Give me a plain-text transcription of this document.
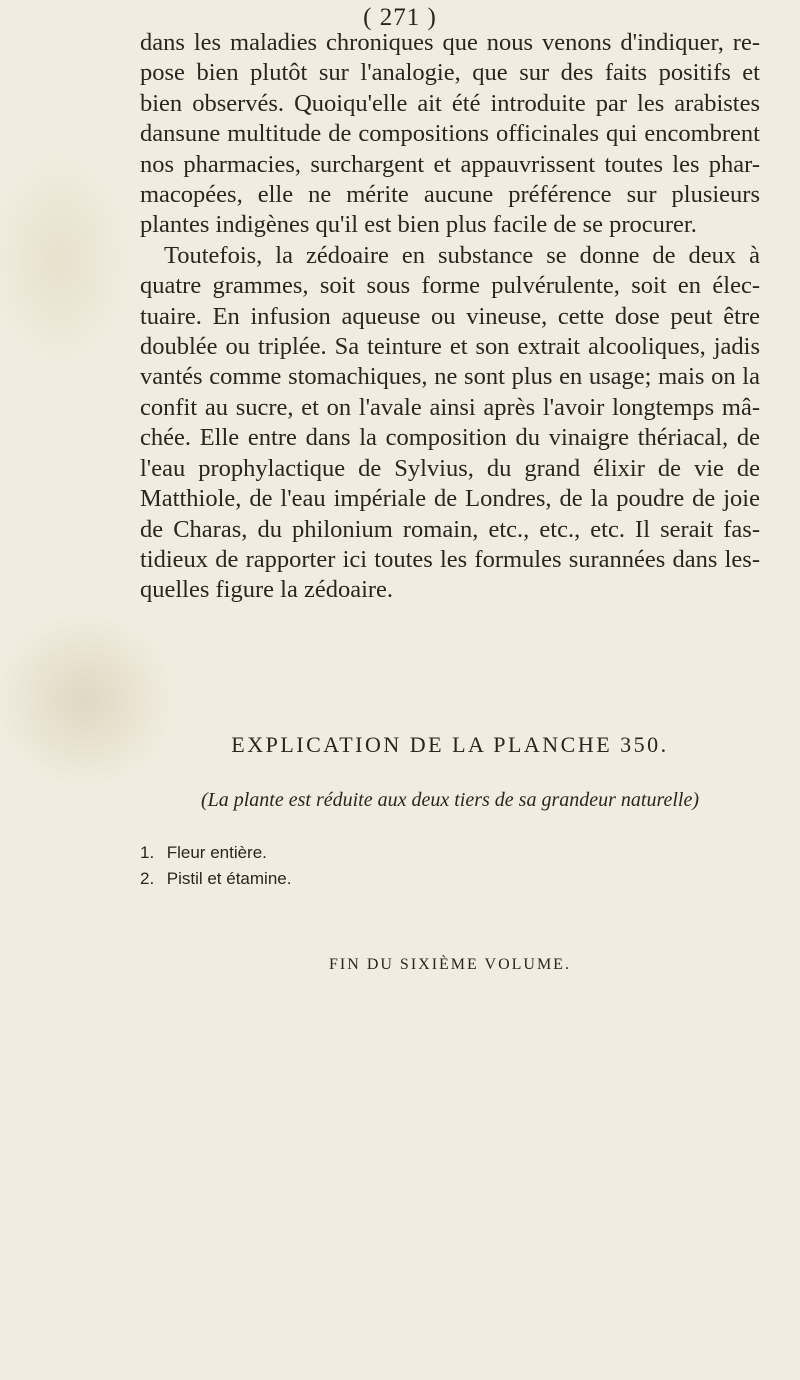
( 271 )
dans les maladies chroniques que nous venons d'indiquer, re-
pose bien plutôt sur l'analogie, que sur des faits positifs et
bien observés. Quoiqu'elle ait été introduite par les arabistes
dansune multitude de compositions officinales qui encombrent
nos pharmacies, surchargent et appauvrissent toutes les phar-
macopées, elle ne mérite aucune préférence sur plusieurs
plantes indigènes qu'il est bien plus facile de se procurer.
Toutefois, la zédoaire en substance se donne de deux à
quatre grammes, soit sous forme pulvérulente, soit en élec-
tuaire. En infusion aqueuse ou vineuse, cette dose peut être
doublée ou triplée. Sa teinture et son extrait alcooliques, jadis
vantés comme stomachiques, ne sont plus en usage; mais on la
confit au sucre, et on l'avale ainsi après l'avoir longtemps mâ-
chée. Elle entre dans la composition du vinaigre thériacal, de
l'eau prophylactique de Sylvius, du grand élixir de vie de
Matthiole, de l'eau impériale de Londres, de la poudre de joie
de Charas, du philonium romain, etc., etc., etc. Il serait fas-
tidieux de rapporter ici toutes les formules surannées dans les-
quelles figure la zédoaire.
EXPLICATION DE LA PLANCHE 350.
(La plante est réduite aux deux tiers de sa grandeur naturelle)
1. Fleur entière.
2. Pistil et étamine.
FIN DU SIXIÈME VOLUME.
